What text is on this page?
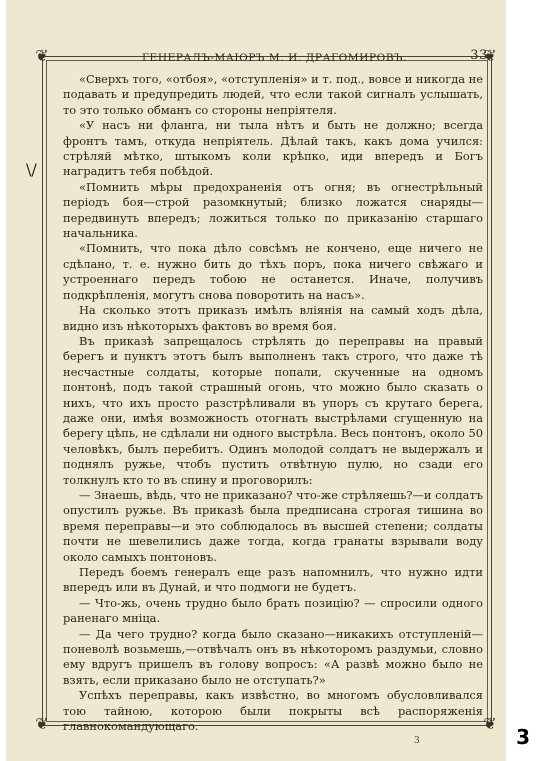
❦	❦
❦	❦
ГЕНЕРАЛЪ-МАІОРЪ М. И. ДРАГОМИРОВЪ.	33
\/

«Сверхъ того, «отбоя», «отступленія» и т. под., вовсе и никогда не подавать и предупредить людей, что если такой сигналъ услышать, то это только обманъ со стороны непріятеля.

«У насъ ни фланга, ни тыла нѣтъ и быть не должно; всегда фронтъ тамъ, откуда непріятель. Дѣлай такъ, какъ дома учился: стрѣляй мѣтко, штыкомъ коли крѣпко, иди впередъ и Богъ наградитъ тебя побѣдой.

«Помнить мѣры предохраненія отъ огня; въ огнестрѣльный періодъ боя—строй разомкнутый; близко ложатся снаряды—передвинуть впередъ; ложиться только по приказанію старшаго начальника.

«Помнить, что пока дѣло совсѣмъ не кончено, еще ничего не сдѣлано, т. е. нужно бить до тѣхъ поръ, пока ничего свѣжаго и устроеннаго передъ тобою не останется. Иначе, получивъ подкрѣпленія, могутъ снова поворотить на насъ».

На сколько этотъ приказъ имѣлъ вліянія на самый ходъ дѣла, видно изъ нѣкоторыхъ фактовъ во время боя.

Въ приказѣ запрещалось стрѣлять до переправы на правый берегъ и пунктъ этотъ былъ выполненъ такъ строго, что даже тѣ несчастные солдаты, которые попали, скученные на одномъ понтонѣ, подъ такой страшный огонь, что можно было сказать о нихъ, что ихъ просто разстрѣливали въ упоръ съ крутаго берега, даже они, имѣя возможность отогнать выстрѣлами сгущенную на берегу цѣпь, не сдѣлали ни одного выстрѣла. Весь понтонъ, около 50 человѣкъ, былъ перебитъ. Одинъ молодой солдатъ не выдержалъ и поднялъ ружье, чтобъ пустить отвѣтную пулю, но сзади его толкнулъ кто то въ спину и проговорилъ:

— Знаешь, вѣдь, что не приказано? что-же стрѣляешь?—и солдатъ опустилъ ружье. Въ приказѣ была предписана строгая тишина во время переправы—и это соблюдалось въ высшей степени; солдаты почти не шевелились даже тогда, когда гранаты взрывали воду около самыхъ понтоновъ.

Передъ боемъ генералъ еще разъ напомнилъ, что нужно идти впередъ или въ Дунай, и что подмоги не будетъ.

— Что-жь, очень трудно было брать позицію? — спросили одного раненаго мніца.

— Да чего трудно? когда было сказано—никакихъ отступленій—поневолѣ возьмешь,—отвѣчалъ онъ въ нѣкоторомъ раздумьи, словно ему вдругъ пришелъ въ голову вопросъ: «А развѣ можно было не взять, если приказано было не отступать?»

Успѣхъ переправы, какъ извѣстно, во многомъ обусловливался тою тайною, которою были покрыты всѣ распоряженія главнокомандующаго.

3	3
